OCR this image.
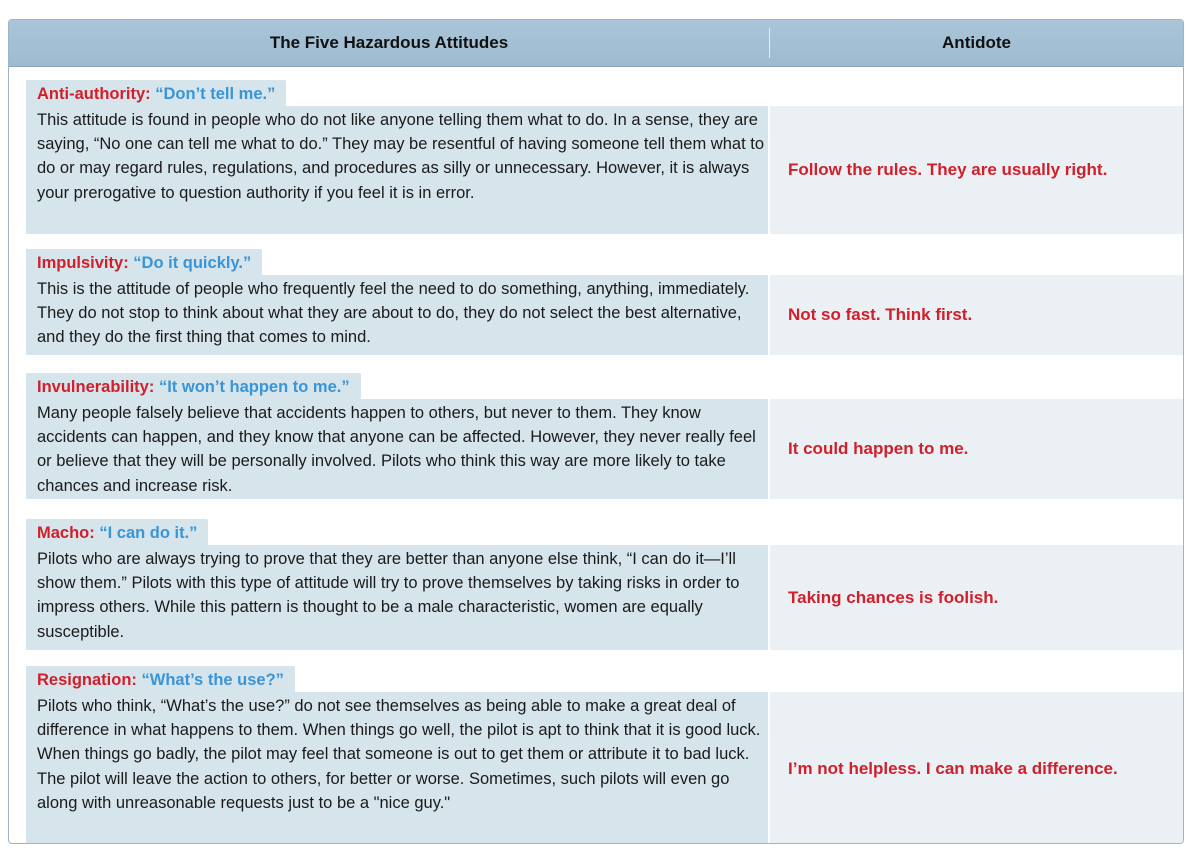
The Five Hazardous Attitudes	Antidote
Anti-authority: “Don’t tell me.”
This attitude is found in people who do not like anyone telling them what to do. In a sense, they are saying, “No one can tell me what to do.” They may be resentful of having someone tell them what to do or may regard rules, regulations, and procedures as silly or unnecessary. However, it is always your prerogative to question authority if you feel it is in error.
Follow the rules. They are usually right.
Impulsivity: “Do it quickly.”
This is the attitude of people who frequently feel the need to do something, anything, immediately. They do not stop to think about what they are about to do, they do not select the best alternative, and they do the first thing that comes to mind.
Not so fast. Think first.
Invulnerability: “It won’t happen to me.”
Many people falsely believe that accidents happen to others, but never to them. They know accidents can happen, and they know that anyone can be affected. However, they never really feel or believe that they will be personally involved. Pilots who think this way are more likely to take chances and increase risk.
It could happen to me.
Macho: “I can do it.”
Pilots who are always trying to prove that they are better than anyone else think, “I can do it—I’ll show them.” Pilots with this type of attitude will try to prove themselves by taking risks in order to impress others. While this pattern is thought to be a male characteristic, women are equally susceptible.
Taking chances is foolish.
Resignation: “What’s the use?”
Pilots who think, “What’s the use?” do not see themselves as being able to make a great deal of difference in what happens to them. When things go well, the pilot is apt to think that it is good luck. When things go badly, the pilot may feel that someone is out to get them or attribute it to bad luck. The pilot will leave the action to others, for better or worse. Sometimes, such pilots will even go along with unreasonable requests just to be a "nice guy."
I’m not helpless. I can make a difference.
